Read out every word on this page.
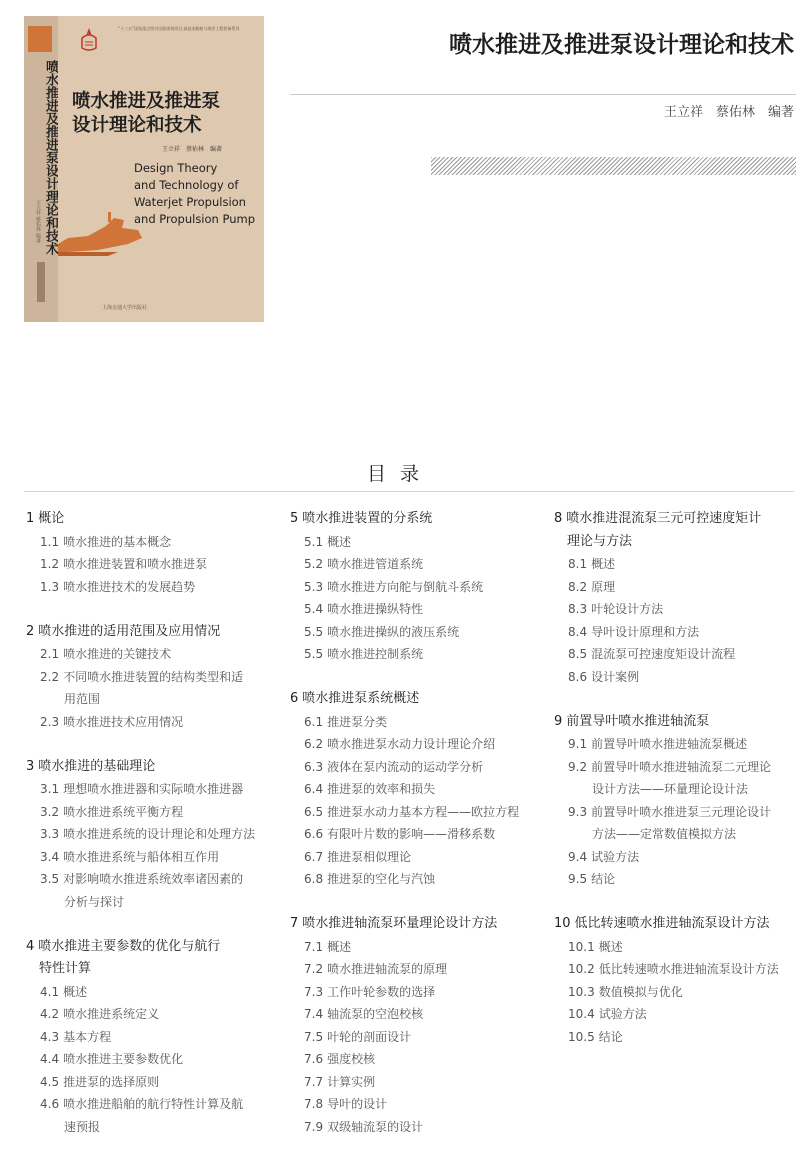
喷水推进及推进泵设计理论和技术
王立祥 蔡佑林 编著
“十三五”国家重点图书出版规划项目 高技术船舶与海洋工程装备系列
喷水推进及推进泵
设计理论和技术
王立祥　蔡佑林　编著
Design Theory
and Technology of
Waterjet Propulsion
and Propulsion Pump
上海交通大学出版社
喷水推进及推进泵设计理论和技术
王立祥　蔡佑林　编著
目录
1 概论
1.1 喷水推进的基本概念
1.2 喷水推进装置和喷水推进泵
1.3 喷水推进技术的发展趋势
2 喷水推进的适用范围及应用情况
2.1 喷水推进的关键技术
2.2 不同喷水推进装置的结构类型和适
用范围
2.3 喷水推进技术应用情况
3 喷水推进的基础理论
3.1 理想喷水推进器和实际喷水推进器
3.2 喷水推进系统平衡方程
3.3 喷水推进系统的设计理论和处理方法
3.4 喷水推进系统与船体相互作用
3.5 对影响喷水推进系统效率诸因素的
分析与探讨
4 喷水推进主要参数的优化与航行
特性计算
4.1 概述
4.2 喷水推进系统定义
4.3 基本方程
4.4 喷水推进主要参数优化
4.5 推进泵的选择原则
4.6 喷水推进船舶的航行特性计算及航
速预报
5 喷水推进装置的分系统
5.1 概述
5.2 喷水推进管道系统
5.3 喷水推进方向舵与倒航斗系统
5.4 喷水推进操纵特性
5.5 喷水推进操纵的液压系统
5.5 喷水推进控制系统
6 喷水推进泵系统概述
6.1 推进泵分类
6.2 喷水推进泵水动力设计理论介绍
6.3 液体在泵内流动的运动学分析
6.4 推进泵的效率和损失
6.5 推进泵水动力基本方程——欧拉方程
6.6 有限叶片数的影响——滑移系数
6.7 推进泵相似理论
6.8 推进泵的空化与汽蚀
7 喷水推进轴流泵环量理论设计方法
7.1 概述
7.2 喷水推进轴流泵的原理
7.3 工作叶轮参数的选择
7.4 轴流泵的空泡校核
7.5 叶轮的剖面设计
7.6 强度校核
7.7 计算实例
7.8 导叶的设计
7.9 双级轴流泵的设计
8 喷水推进混流泵三元可控速度矩计
理论与方法
8.1 概述
8.2 原理
8.3 叶轮设计方法
8.4 导叶设计原理和方法
8.5 混流泵可控速度矩设计流程
8.6 设计案例
9 前置导叶喷水推进轴流泵
9.1 前置导叶喷水推进轴流泵概述
9.2 前置导叶喷水推进轴流泵二元理论
设计方法——环量理论设计法
9.3 前置导叶喷水推进泵三元理论设计
方法——定常数值模拟方法
9.4 试验方法
9.5 结论
10 低比转速喷水推进轴流泵设计方法
10.1 概述
10.2 低比转速喷水推进轴流泵设计方法
10.3 数值模拟与优化
10.4 试验方法
10.5 结论
